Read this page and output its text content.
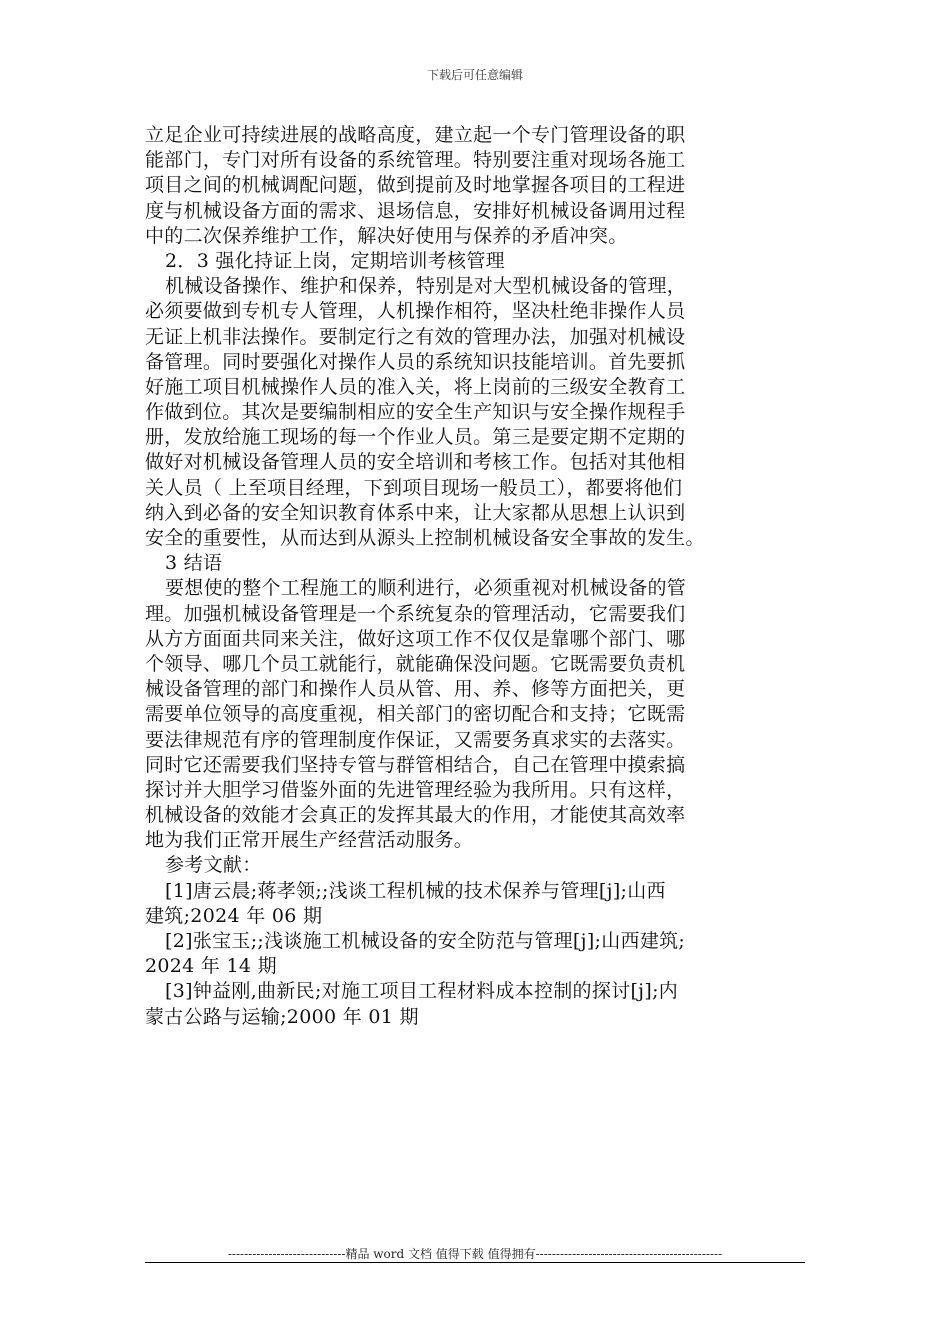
下载后可任意编辑
立足企业可持续进展的战略高度，建立起一个专门管理设备的职
能部门，专门对所有设备的系统管理。特别要注重对现场各施工
项目之间的机械调配问题，做到提前及时地掌握各项目的工程进
度与机械设备方面的需求、退场信息，安排好机械设备调用过程
中的二次保养维护工作，解决好使用与保养的矛盾冲突。
2．3 强化持证上岗，定期培训考核管理
机械设备操作、维护和保养，特别是对大型机械设备的管理，
必须要做到专机专人管理，人机操作相符，坚决杜绝非操作人员
无证上机非法操作。要制定行之有效的管理办法，加强对机械设
备管理。同时要强化对操作人员的系统知识技能培训。首先要抓
好施工项目机械操作人员的准入关，将上岗前的三级安全教育工
作做到位。其次是要编制相应的安全生产知识与安全操作规程手
册，发放给施工现场的每一个作业人员。第三是要定期不定期的
做好对机械设备管理人员的安全培训和考核工作。包括对其他相
关人员（ 上至项目经理，下到项目现场一般员工），都要将他们
纳入到必备的安全知识教育体系中来，让大家都从思想上认识到
安全的重要性，从而达到从源头上控制机械设备安全事故的发生。
3 结语
要想使的整个工程施工的顺利进行，必须重视对机械设备的管
理。加强机械设备管理是一个系统复杂的管理活动，它需要我们
从方方面面共同来关注，做好这项工作不仅仅是靠哪个部门、哪
个领导、哪几个员工就能行，就能确保没问题。它既需要负责机
械设备管理的部门和操作人员从管、用、养、修等方面把关，更
需要单位领导的高度重视，相关部门的密切配合和支持；它既需
要法律规范有序的管理制度作保证，又需要务真求实的去落实。
同时它还需要我们坚持专管与群管相结合，自己在管理中摸索搞
探讨并大胆学习借鉴外面的先进管理经验为我所用。只有这样，
机械设备的效能才会真正的发挥其最大的作用，才能使其高效率
地为我们正常开展生产经营活动服务。
参考文献：
[1]唐云晨;蒋孝领;;浅谈工程机械的技术保养与管理[j];山西
建筑;2024 年 06 期
[2]张宝玉;;浅谈施工机械设备的安全防范与管理[j];山西建筑;
2024 年 14 期
[3]钟益刚,曲新民;对施工项目工程材料成本控制的探讨[j];内
蒙古公路与运输;2000 年 01 期
-----------------------------精品 word 文档 值得下载 值得拥有----------------------------------------------
